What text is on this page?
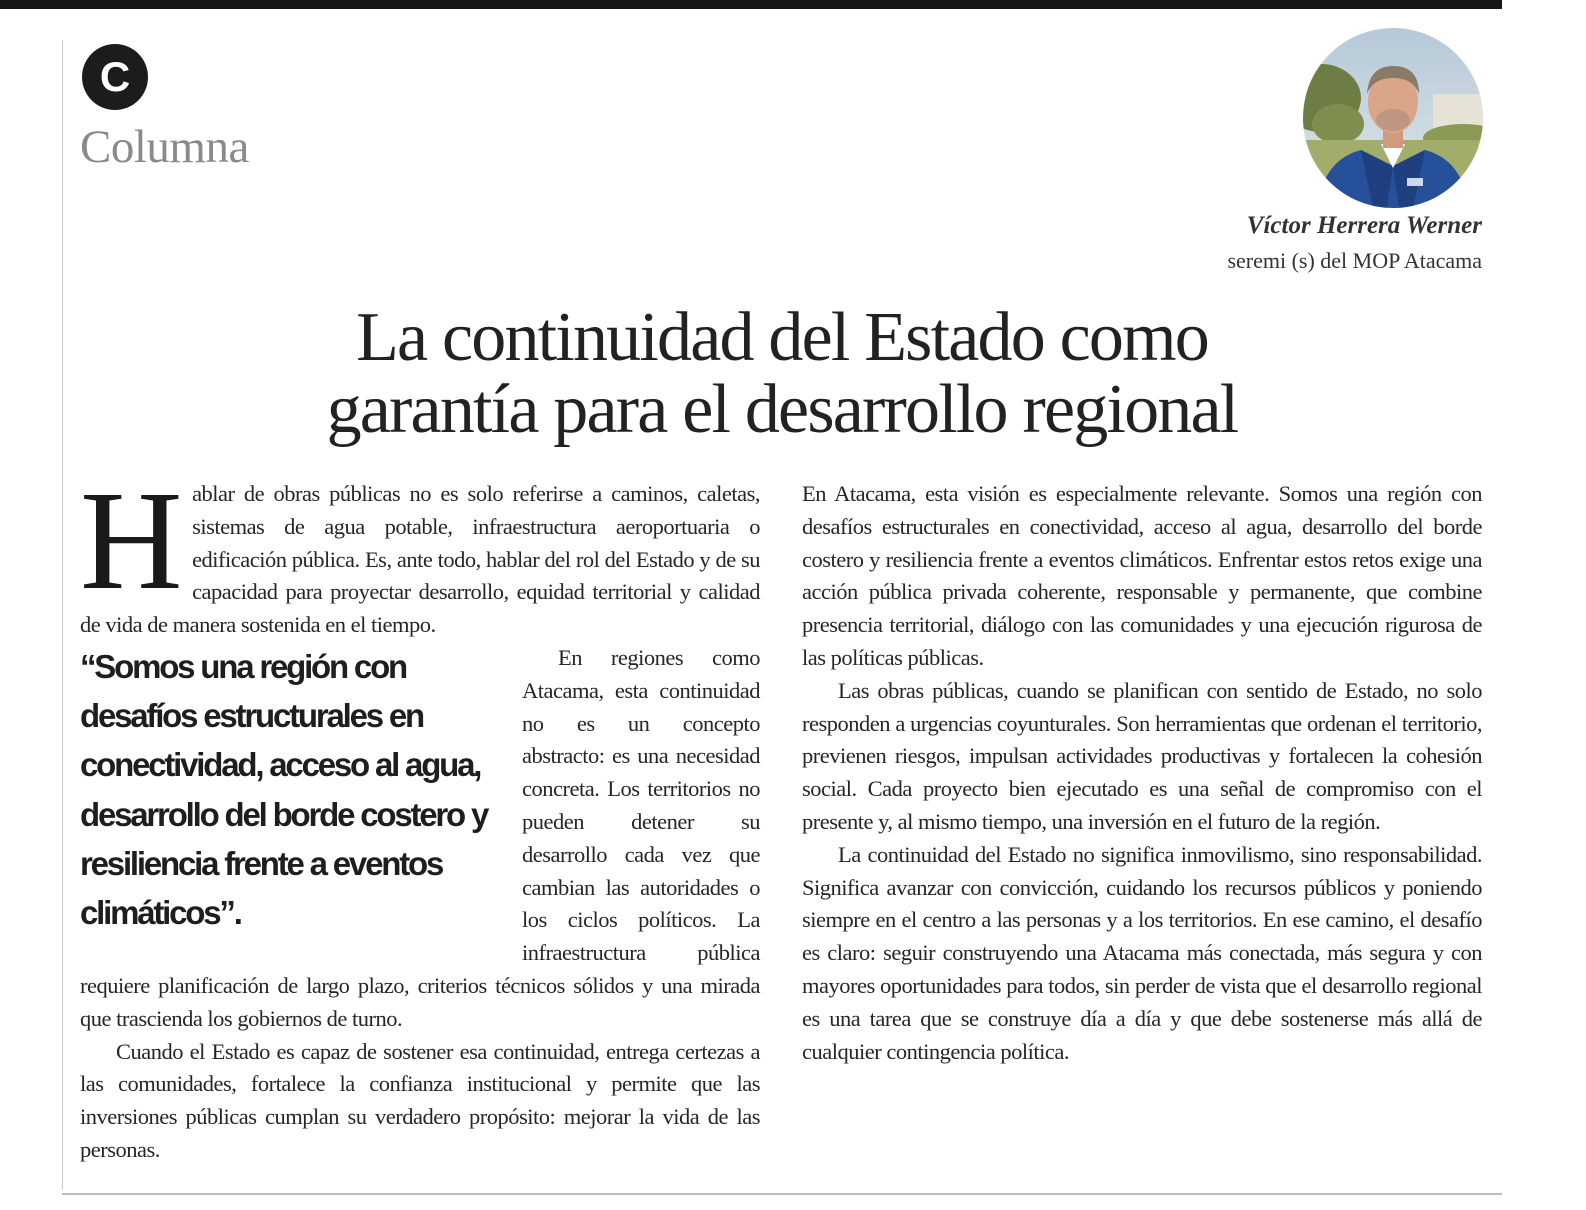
C
Columna
Víctor Herrera Werner
seremi (s) del MOP Atacama
La continuidad del Estado como
garantía para el desarrollo regional

H ablar de obras públicas no es solo referirse a caminos, caletas, sistemas de agua potable, infraestructura aeroportuaria o edificación pública. Es, ante todo, hablar del rol del Estado y de su capacidad para proyectar desarrollo, equidad territorial y calidad de vida de manera sostenida en el tiempo.

“Somos una región con desafíos estructurales en conectividad, acceso al agua, desarrollo del borde costero y resiliencia frente a eventos climáticos”.
En regiones como Atacama, esta continuidad no es un concepto abstracto: es una necesidad concreta. Los territorios no pueden detener su desarrollo cada vez que cambian las autoridades o los ciclos políticos. La infraestructura pública requiere planificación de largo plazo, criterios técnicos sólidos y una mirada que trascienda los gobiernos de turno.

Cuando el Estado es capaz de sostener esa continuidad, entrega certezas a las comunidades, fortalece la confianza institucional y permite que las inversiones públicas cumplan su verdadero propósito: mejorar la vida de las personas.

En Atacama, esta visión es especialmente relevante. Somos una región con desafíos estructurales en conectividad, acceso al agua, desarrollo del borde costero y resiliencia frente a eventos climáticos. Enfrentar estos retos exige una acción pública privada coherente, responsable y permanente, que combine presencia territorial, diálogo con las comunidades y una ejecución rigurosa de las políticas públicas.

Las obras públicas, cuando se planifican con sentido de Estado, no solo responden a urgencias coyunturales. Son herramientas que ordenan el territorio, previenen riesgos, impulsan actividades productivas y fortalecen la cohesión social. Cada proyecto bien ejecutado es una señal de compromiso con el presente y, al mismo tiempo, una inversión en el futuro de la región.

La continuidad del Estado no significa inmovilismo, sino responsabilidad. Significa avanzar con convicción, cuidando los recursos públicos y poniendo siempre en el centro a las personas y a los territorios. En ese camino, el desafío es claro: seguir construyendo una Atacama más conectada, más segura y con mayores oportunidades para todos, sin perder de vista que el desarrollo regional es una tarea que se construye día a día y que debe sostenerse más allá de cualquier contingencia política.
